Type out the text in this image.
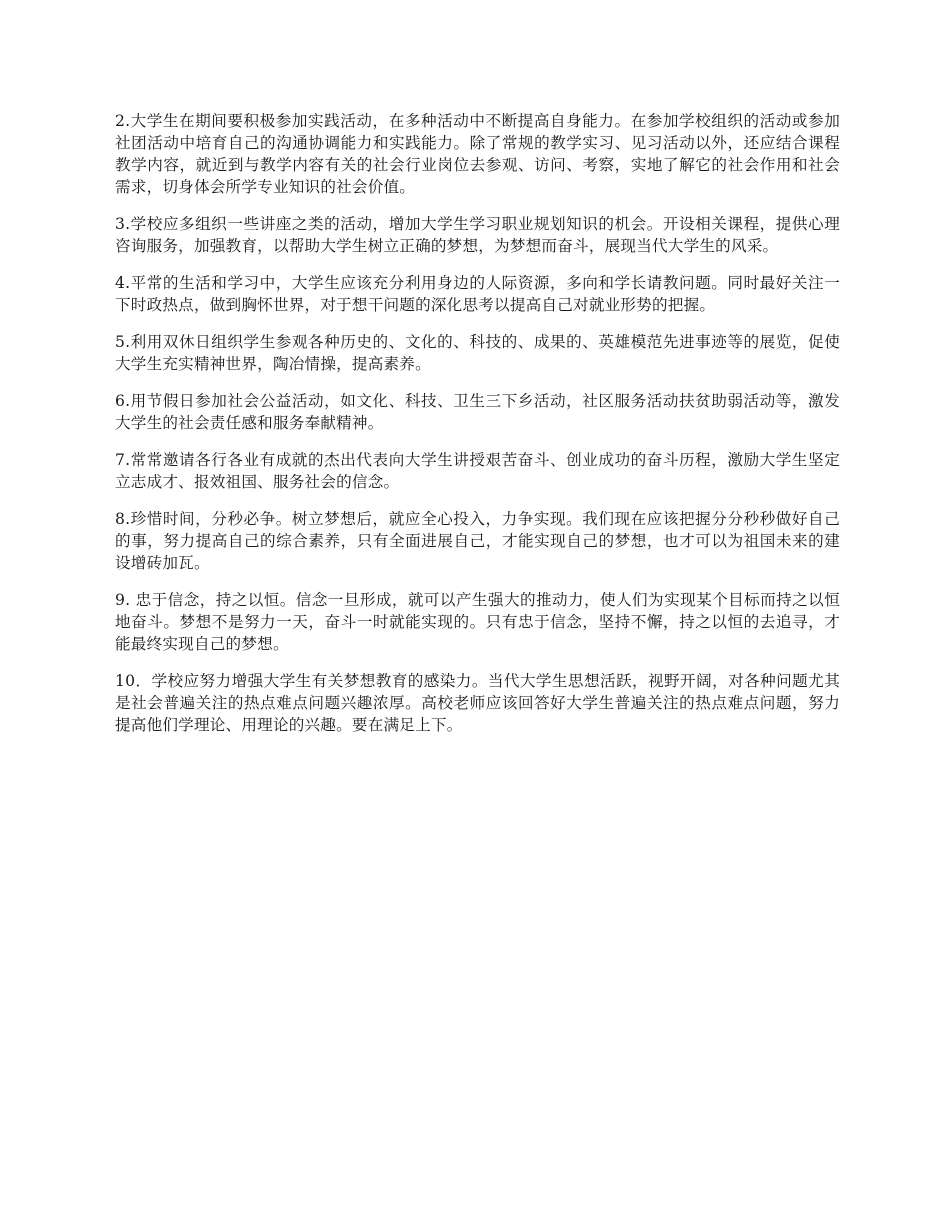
2.大学生在期间要积极参加实践活动，在多种活动中不断提高自身能力。在参加学校组织的活动或参加社团活动中培育自己的沟通协调能力和实践能力。除了常规的教学实习、见习活动以外，还应结合课程教学内容，就近到与教学内容有关的社会行业岗位去参观、访问、考察，实地了解它的社会作用和社会需求，切身体会所学专业知识的社会价值。

3.学校应多组织一些讲座之类的活动，增加大学生学习职业规划知识的机会。开设相关课程，提供心理咨询服务，加强教育，以帮助大学生树立正确的梦想，为梦想而奋斗，展现当代大学生的风采。

4.平常的生活和学习中，大学生应该充分利用身边的人际资源，多向和学长请教问题。同时最好关注一下时政热点，做到胸怀世界，对于想干问题的深化思考以提高自己对就业形势的把握。

5.利用双休日组织学生参观各种历史的、文化的、科技的、成果的、英雄模范先进事迹等的展览，促使大学生充实精神世界，陶冶情操，提高素养。

6.用节假日参加社会公益活动，如文化、科技、卫生三下乡活动，社区服务活动扶贫助弱活动等，激发大学生的社会责任感和服务奉献精神。

7.常常邀请各行各业有成就的杰出代表向大学生讲授艰苦奋斗、创业成功的奋斗历程，激励大学生坚定立志成才、报效祖国、服务社会的信念。

8.珍惜时间，分秒必争。树立梦想后，就应全心投入，力争实现。我们现在应该把握分分秒秒做好自己的事，努力提高自己的综合素养，只有全面进展自己，才能实现自己的梦想，也才可以为祖国未来的建设增砖加瓦。

9. 忠于信念，持之以恒。信念一旦形成，就可以产生强大的推动力，使人们为实现某个目标而持之以恒地奋斗。梦想不是努力一天，奋斗一时就能实现的。只有忠于信念，坚持不懈，持之以恒的去追寻，才能最终实现自己的梦想。

10．学校应努力增强大学生有关梦想教育的感染力。当代大学生思想活跃，视野开阔，对各种问题尤其是社会普遍关注的热点难点问题兴趣浓厚。高校老师应该回答好大学生普遍关注的热点难点问题，努力提高他们学理论、用理论的兴趣。要在满足上下。
